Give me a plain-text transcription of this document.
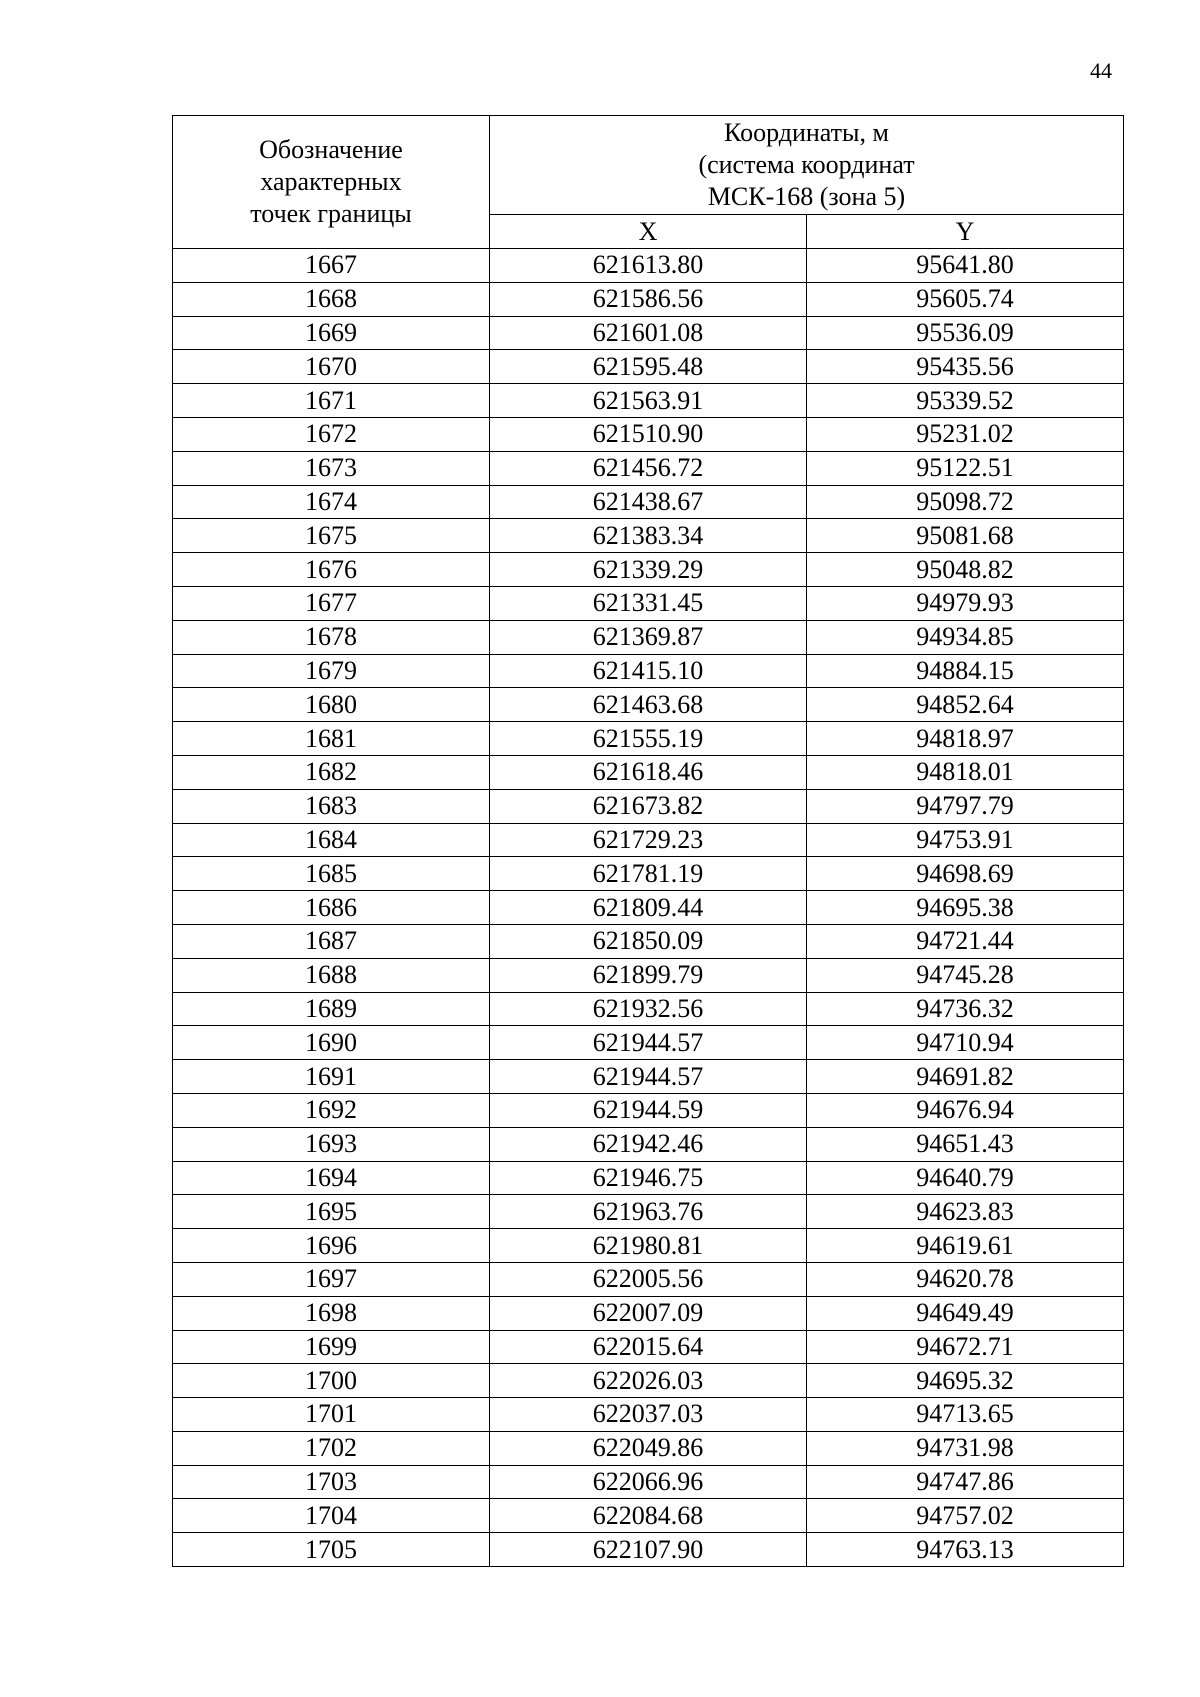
44
Обозначение
характерных
точек границы	Координаты, м
(система координат
МСК-168 (зона 5)	

	X	Y
1667	621613.80	95641.80
1668	621586.56	95605.74
1669	621601.08	95536.09
1670	621595.48	95435.56
1671	621563.91	95339.52
1672	621510.90	95231.02
1673	621456.72	95122.51
1674	621438.67	95098.72
1675	621383.34	95081.68
1676	621339.29	95048.82
1677	621331.45	94979.93
1678	621369.87	94934.85
1679	621415.10	94884.15
1680	621463.68	94852.64
1681	621555.19	94818.97
1682	621618.46	94818.01
1683	621673.82	94797.79
1684	621729.23	94753.91
1685	621781.19	94698.69
1686	621809.44	94695.38
1687	621850.09	94721.44
1688	621899.79	94745.28
1689	621932.56	94736.32
1690	621944.57	94710.94
1691	621944.57	94691.82
1692	621944.59	94676.94
1693	621942.46	94651.43
1694	621946.75	94640.79
1695	621963.76	94623.83
1696	621980.81	94619.61
1697	622005.56	94620.78
1698	622007.09	94649.49
1699	622015.64	94672.71
1700	622026.03	94695.32
1701	622037.03	94713.65
1702	622049.86	94731.98
1703	622066.96	94747.86
1704	622084.68	94757.02
1705	622107.90	94763.13
